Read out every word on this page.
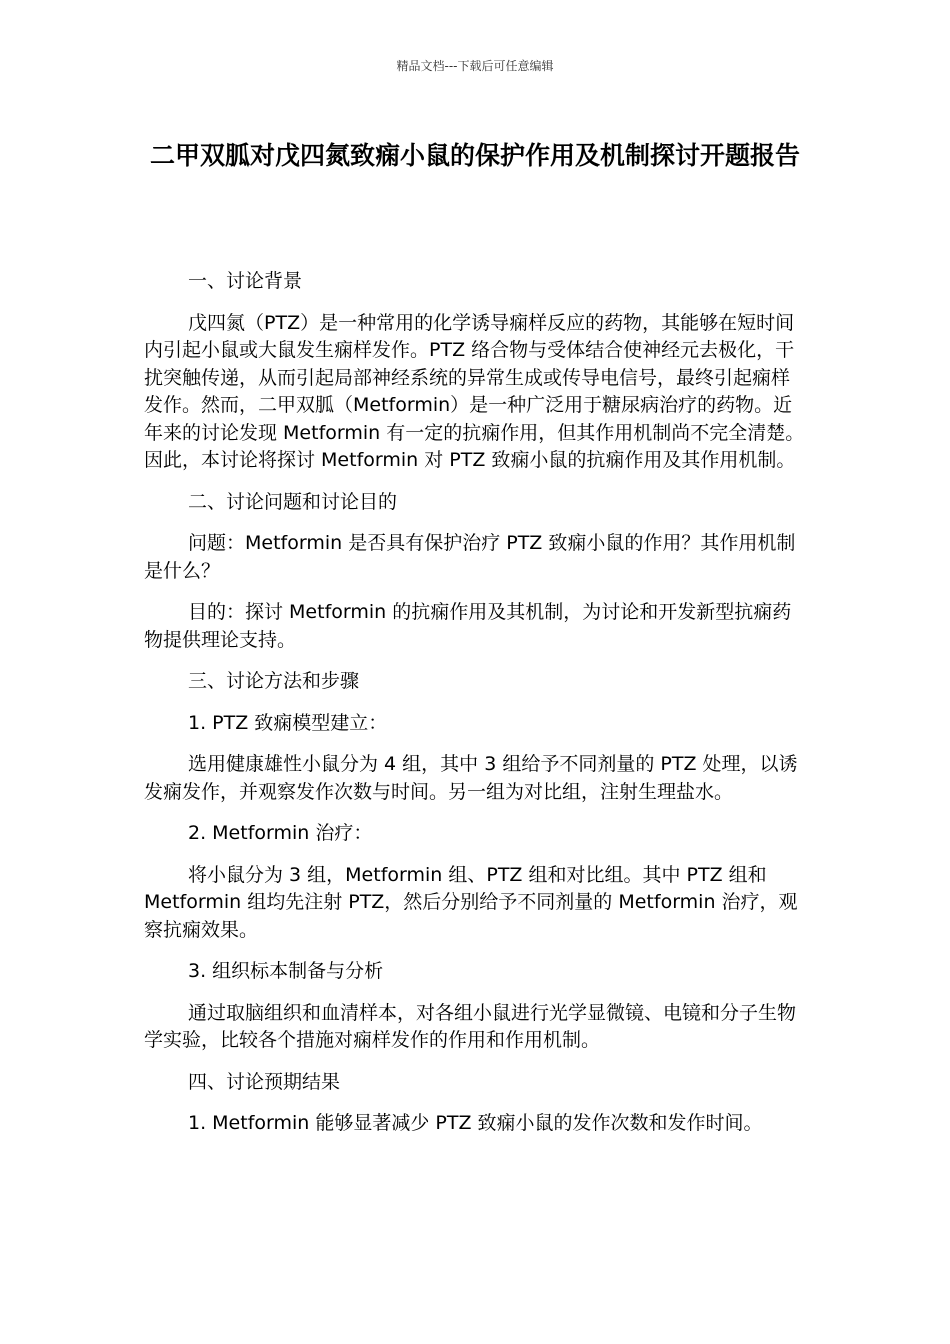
精品文档---下载后可任意编辑
二甲双胍对戊四氮致痫小鼠的保护作用及机制探讨开题报告

一、讨论背景

戊四氮（PTZ）是一种常用的化学诱导痫样反应的药物，其能够在短时间内引起小鼠或大鼠发生痫样发作。PTZ 络合物与受体结合使神经元去极化，干扰突触传递，从而引起局部神经系统的异常生成或传导电信号，最终引起痫样发作。然而，二甲双胍（Metformin）是一种广泛用于糖尿病治疗的药物。近年来的讨论发现 Metformin 有一定的抗痫作用，但其作用机制尚不完全清楚。因此，本讨论将探讨 Metformin 对 PTZ 致痫小鼠的抗痫作用及其作用机制。

二、讨论问题和讨论目的

问题：Metformin 是否具有保护治疗 PTZ 致痫小鼠的作用？其作用机制是什么？

目的：探讨 Metformin 的抗痫作用及其机制，为讨论和开发新型抗痫药物提供理论支持。

三、讨论方法和步骤

1. PTZ 致痫模型建立：

选用健康雄性小鼠分为 4 组，其中 3 组给予不同剂量的 PTZ 处理，以诱发痫发作，并观察发作次数与时间。另一组为对比组，注射生理盐水。

2. Metformin 治疗：

将小鼠分为 3 组，Metformin 组、PTZ 组和对比组。其中 PTZ 组和 Metformin 组均先注射 PTZ，然后分别给予不同剂量的 Metformin 治疗，观察抗痫效果。

3. 组织标本制备与分析

通过取脑组织和血清样本，对各组小鼠进行光学显微镜、电镜和分子生物学实验，比较各个措施对痫样发作的作用和作用机制。

四、讨论预期结果

1. Metformin 能够显著减少 PTZ 致痫小鼠的发作次数和发作时间。
